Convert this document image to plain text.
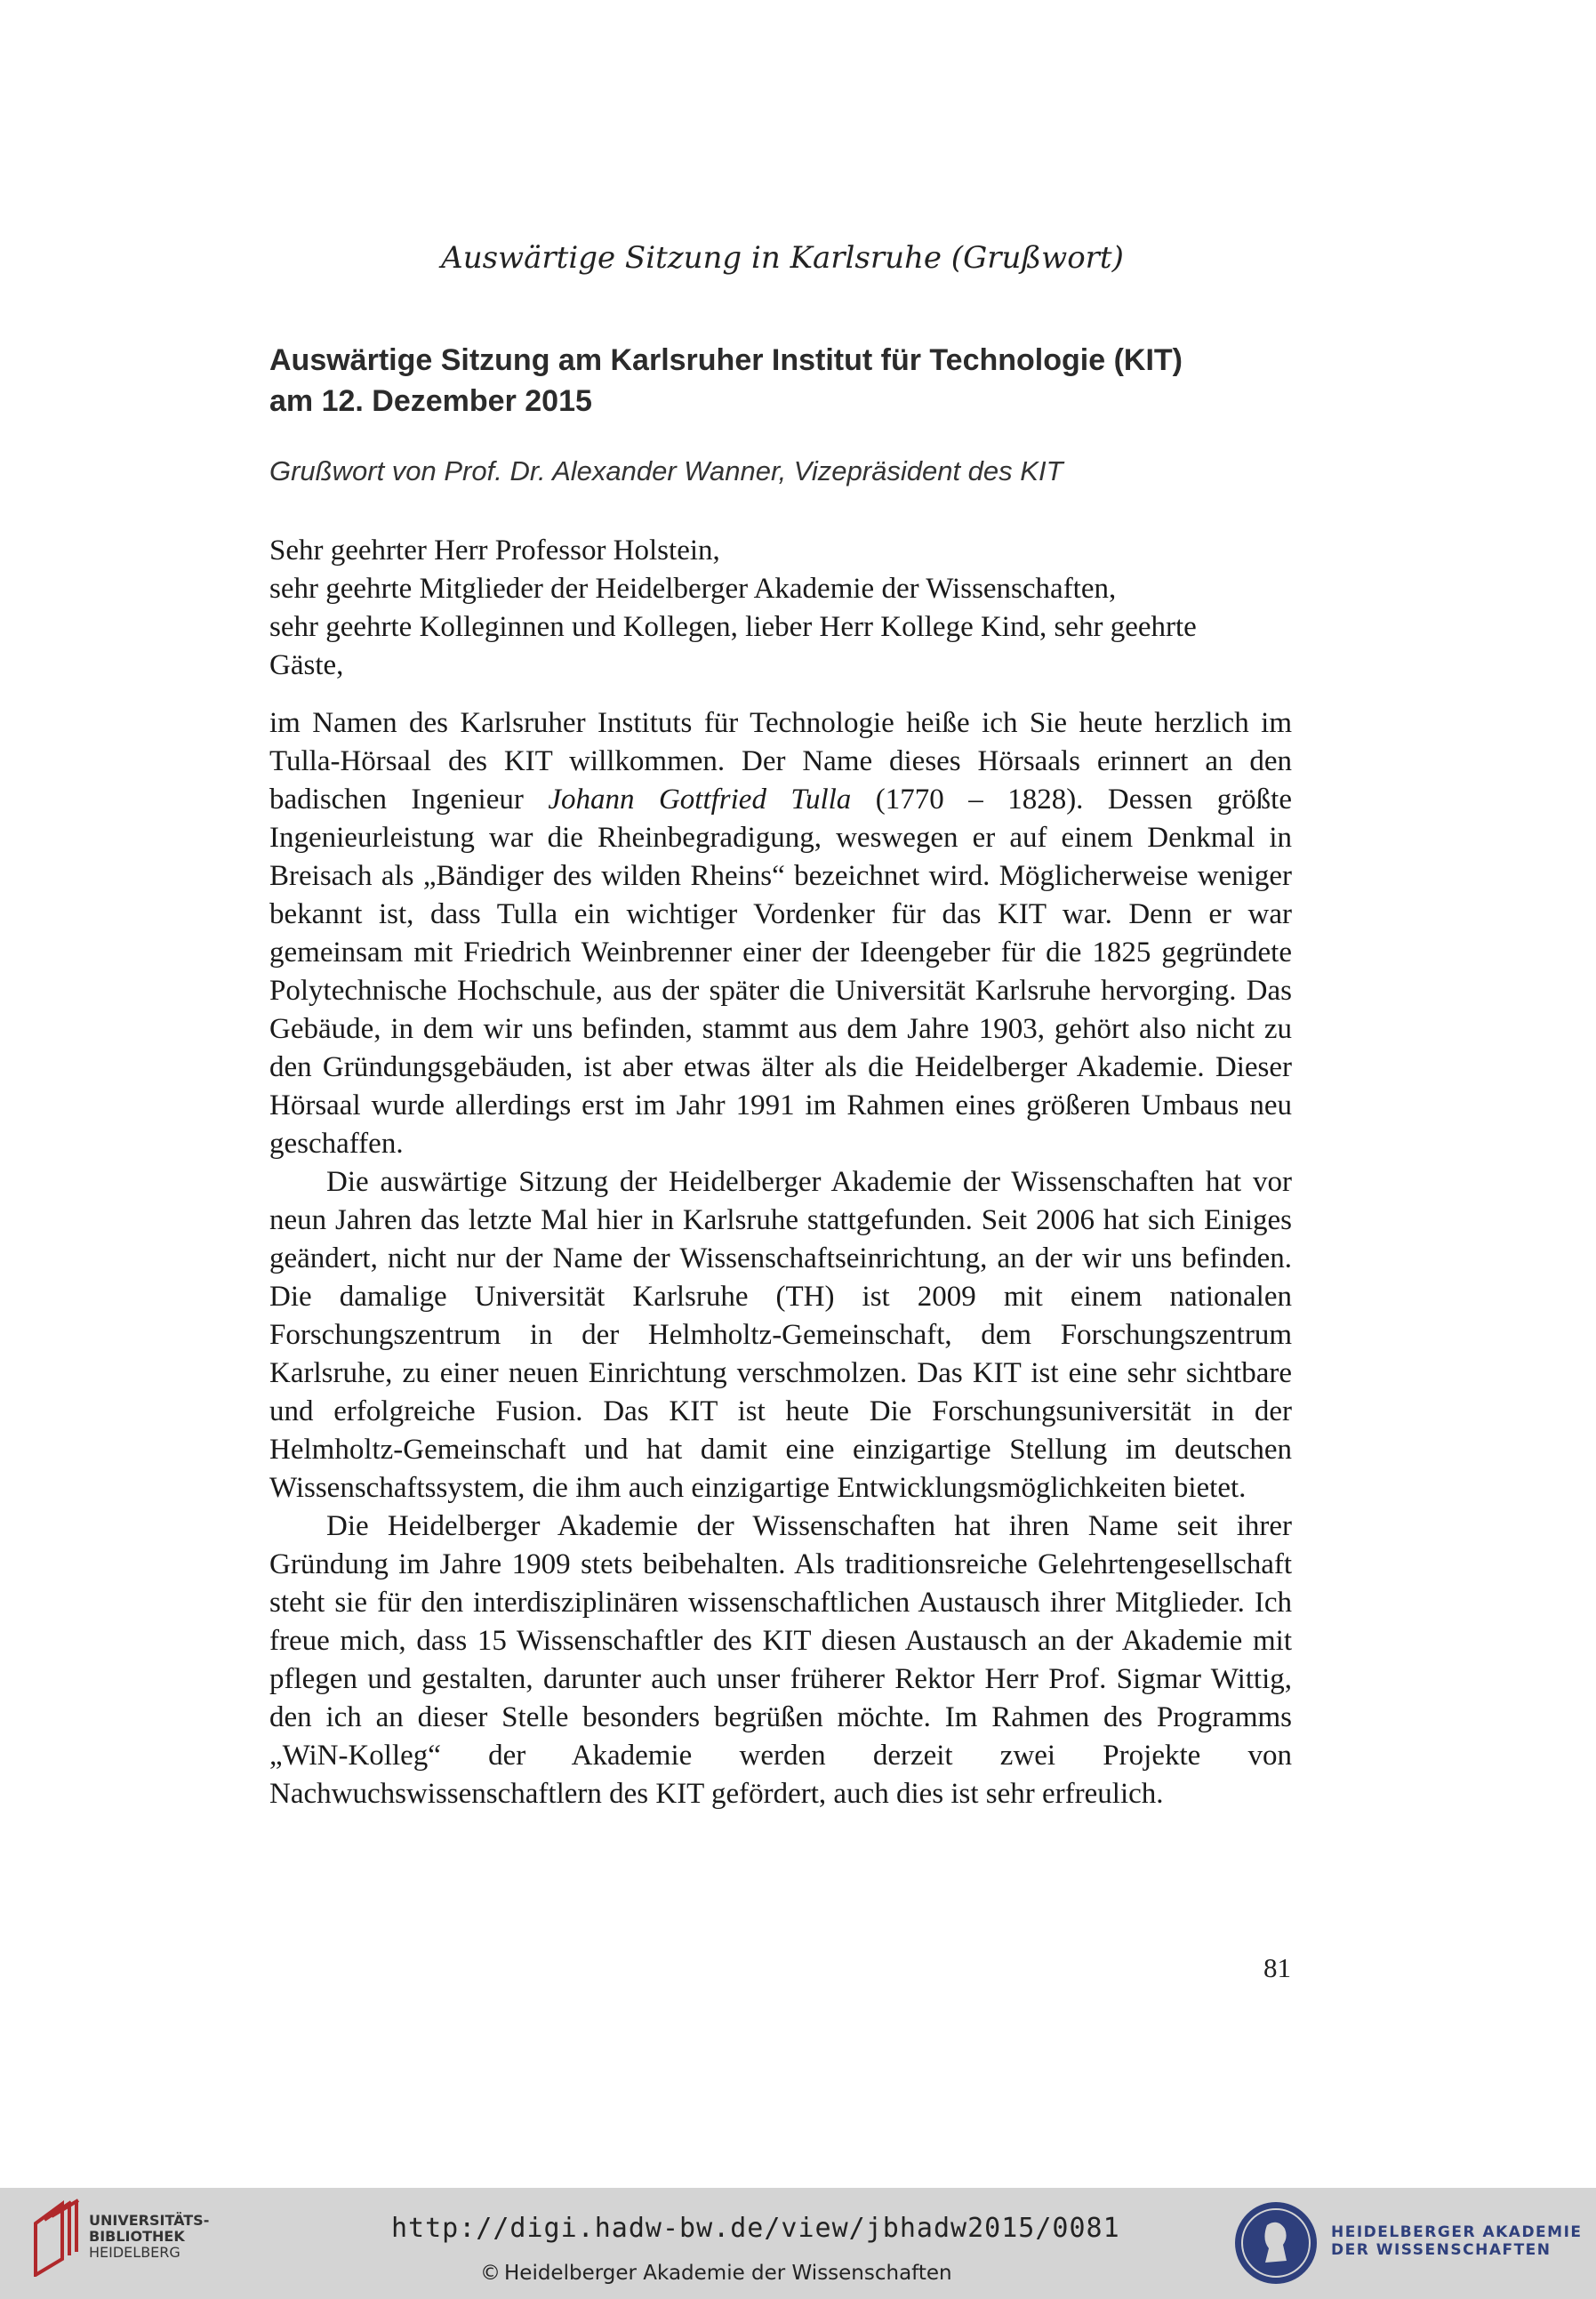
Auswärtige Sitzung in Karlsruhe (Grußwort)
Auswärtige Sitzung am Karlsruher Institut für Technologie (KIT)
am 12. Dezember 2015
Grußwort von Prof. Dr. Alexander Wanner, Vizepräsident des KIT
Sehr geehrter Herr Professor Holstein,
sehr geehrte Mitglieder der Heidelberger Akademie der Wissenschaften,
sehr geehrte Kolleginnen und Kollegen, lieber Herr Kollege Kind, sehr geehrte
Gäste,

im Namen des Karlsruher Instituts für Technologie heiße ich Sie heute herzlich im Tulla-Hörsaal des KIT willkommen. Der Name dieses Hörsaals erinnert an den badischen Ingenieur Johann Gottfried Tulla (1770 – 1828). Dessen größte Ingenieurleistung war die Rheinbegradigung, weswegen er auf einem Denkmal in Breisach als „Bändiger des wilden Rheins“ bezeichnet wird. Möglicherweise weniger bekannt ist, dass Tulla ein wichtiger Vordenker für das KIT war. Denn er war gemeinsam mit Friedrich Weinbrenner einer der Ideengeber für die 1825 gegründete Polytechnische Hochschule, aus der später die Universität Karlsruhe hervorging. Das Gebäude, in dem wir uns befinden, stammt aus dem Jahre 1903, gehört also nicht zu den Gründungsgebäuden, ist aber etwas älter als die Heidelberger Akademie. Dieser Hörsaal wurde allerdings erst im Jahr 1991 im Rahmen eines größeren Umbaus neu geschaffen.

Die auswärtige Sitzung der Heidelberger Akademie der Wissenschaften hat vor neun Jahren das letzte Mal hier in Karlsruhe stattgefunden. Seit 2006 hat sich Einiges geändert, nicht nur der Name der Wissenschaftseinrichtung, an der wir uns befinden. Die damalige Universität Karlsruhe (TH) ist 2009 mit einem nationalen Forschungszentrum in der Helmholtz-Gemeinschaft, dem Forschungszentrum Karlsruhe, zu einer neuen Einrichtung verschmolzen. Das KIT ist eine sehr sichtbare und erfolgreiche Fusion. Das KIT ist heute Die Forschungsuniversität in der Helmholtz-Gemeinschaft und hat damit eine einzigartige Stellung im deutschen Wissenschaftssystem, die ihm auch einzigartige Entwicklungsmöglichkeiten bietet.

Die Heidelberger Akademie der Wissenschaften hat ihren Name seit ihrer Gründung im Jahre 1909 stets beibehalten. Als traditionsreiche Gelehrtengesellschaft steht sie für den interdisziplinären wissenschaftlichen Austausch ihrer Mitglieder. Ich freue mich, dass 15 Wissenschaftler des KIT diesen Austausch an der Akademie mit pflegen und gestalten, darunter auch unser früherer Rektor Herr Prof. Sigmar Wittig, den ich an dieser Stelle besonders begrüßen möchte. Im Rahmen des Programms „WiN-Kolleg“ der Akademie werden derzeit zwei Projekte von Nachwuchswissenschaftlern des KIT gefördert, auch dies ist sehr erfreulich.

81
UNIVERSITÄTS-
BIBLIOTHEK
HEIDELBERG
http://digi.hadw-bw.de/view/jbhadw2015/0081
© Heidelberger Akademie der Wissenschaften
HEIDELBERGER AKADEMIE
DER WISSENSCHAFTEN
